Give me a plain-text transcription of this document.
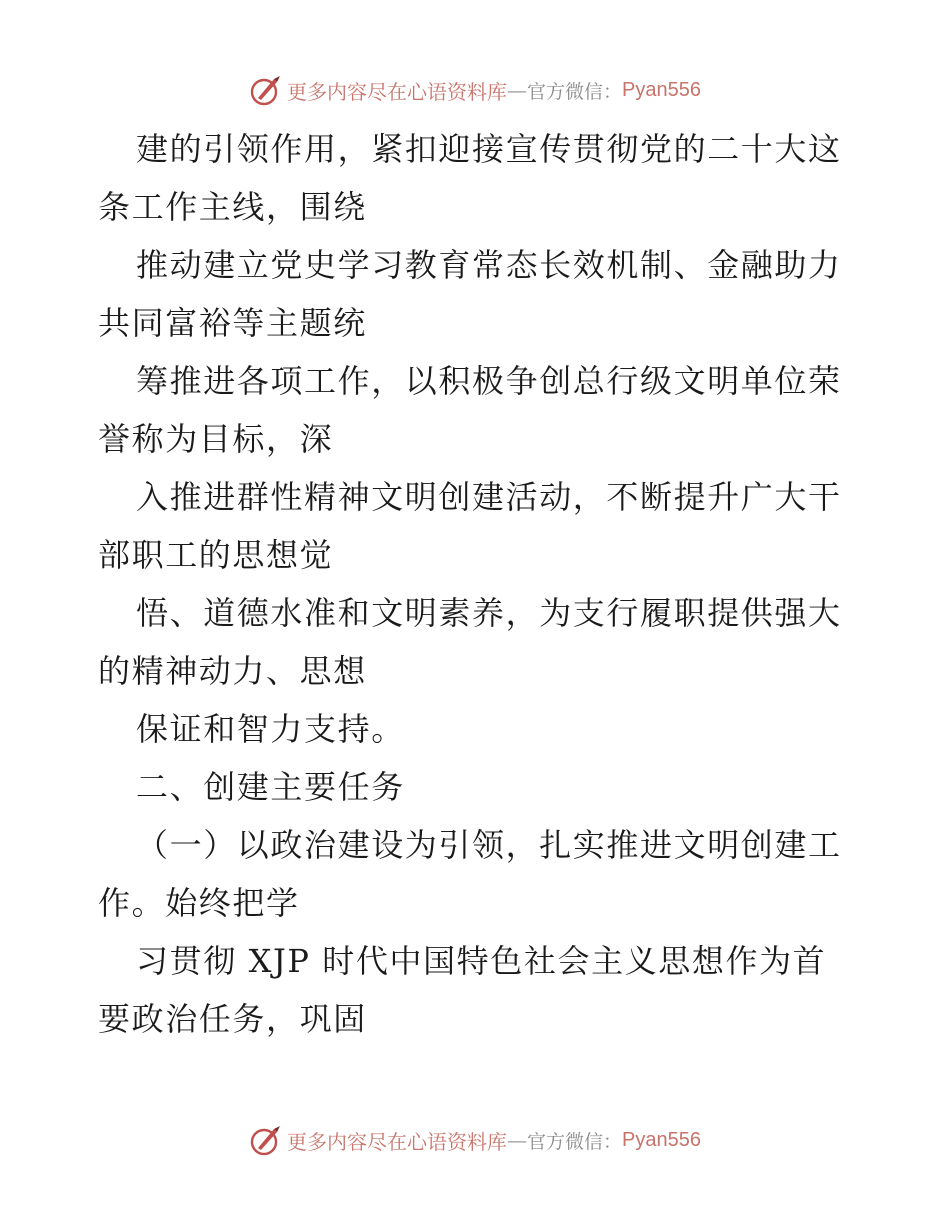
更多内容尽在心语资料库 — 官方微信： Pyan556
建的引领作用，紧扣迎接宣传贯彻党的二十大这
条工作主线，围绕
推动建立党史学习教育常态长效机制、金融助力
共同富裕等主题统
筹推进各项工作，以积极争创总行级文明单位荣
誉称为目标，深
入推进群性精神文明创建活动，不断提升广大干
部职工的思想觉
悟、道德水准和文明素养，为支行履职提供强大
的精神动力、思想
保证和智力支持。
二、创建主要任务
（一）以政治建设为引领，扎实推进文明创建工
作。始终把学
习贯彻 XJP 时代中国特色社会主义思想作为首
要政治任务，巩固
更多内容尽在心语资料库 — 官方微信： Pyan556
